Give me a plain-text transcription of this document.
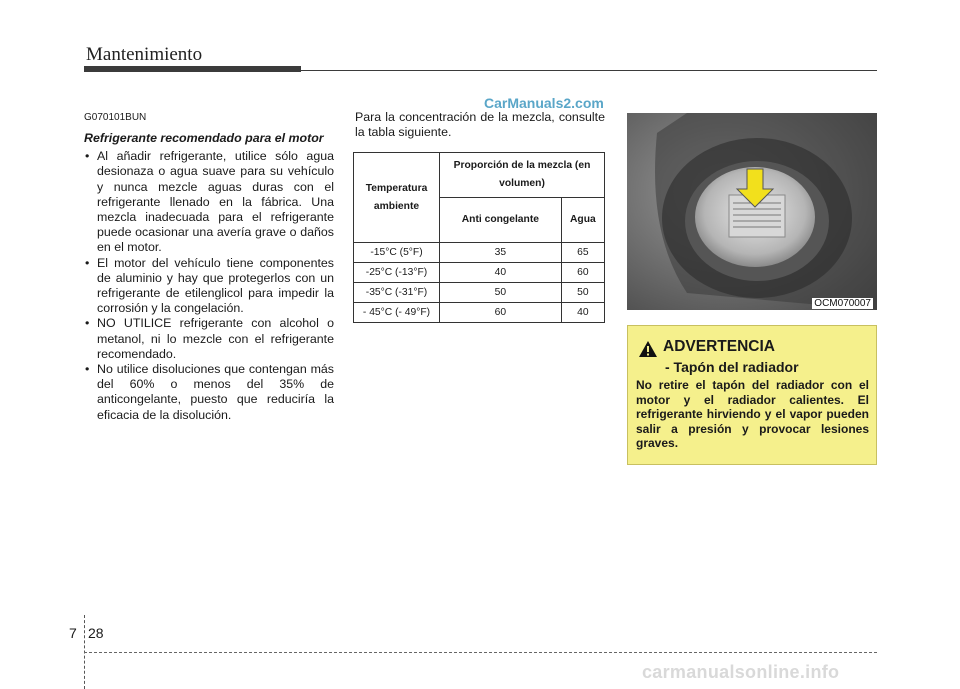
Mantenimiento
CarManuals2.com
G070101BUN
Refrigerante recomendado para el motor
• Al añadir refrigerante, utilice sólo agua desionaza o agua suave para su vehículo y nunca mezcle aguas duras con el refrigerante llenado en la fábrica. Una mezcla inadecuada para el refrigerante puede ocasionar una avería grave o daños en el motor.
• El motor del vehículo tiene componentes de aluminio y hay que protegerlos con un refrigerante de etilenglicol para impedir la corrosión y la congelación.
• NO UTILICE refrigerante con alcohol o metanol, ni lo mezcle con el refrigerante recomendado.
• No utilice disoluciones que contengan más del 60% o menos del 35% de anticongelante, puesto que reduciría la eficacia de la disolución.
Para la concentración de la mezcla, consulte la tabla siguiente.
Temperatura ambiente	Proporción de la mezcla (en volumen)	
	Anti congelante	Agua
-15°C (5°F)	35	65
-25°C (-13°F)	40	60
-35°C (-31°F)	50	50
- 45°C (- 49°F)	60	40
OCM070007
ADVERTENCIA
- Tapón del radiador
No retire el tapón del radiador con el motor y el radiador calientes. El refrigerante hirviendo y el vapor pueden salir a presión y provocar lesiones graves.
7 28
carmanualsonline.info
